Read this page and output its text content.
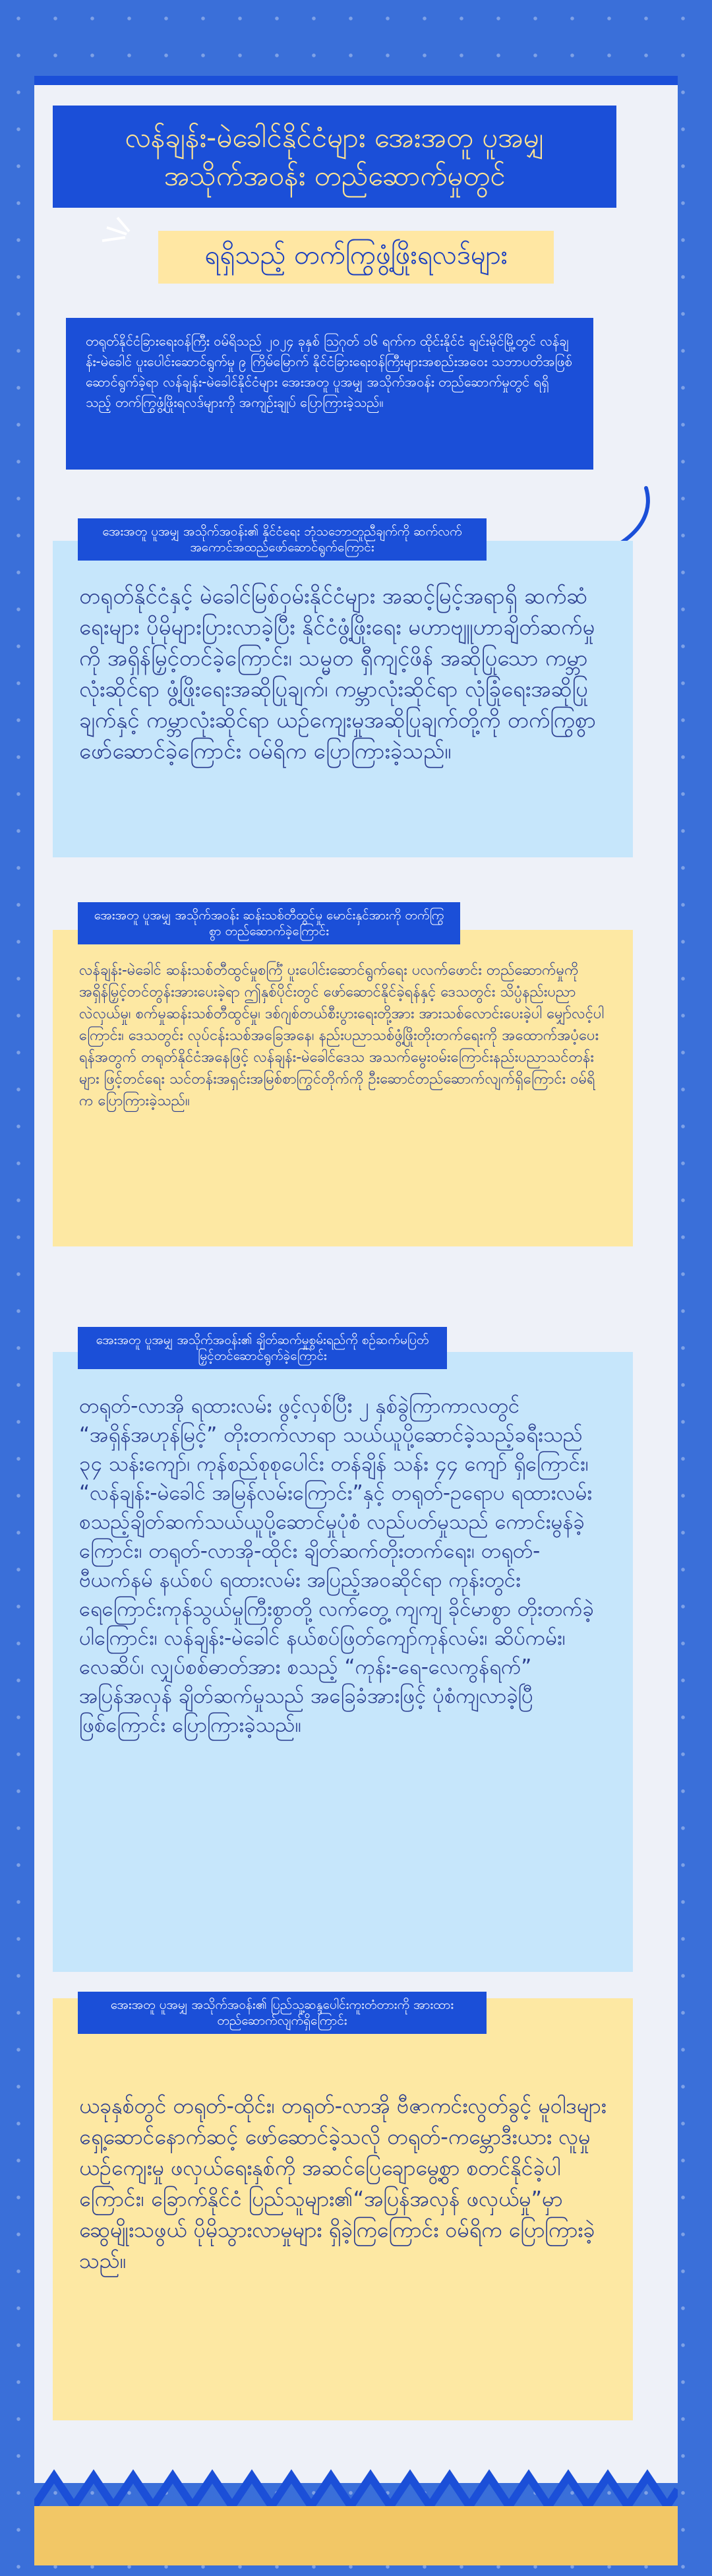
လန်ချန်း-မဲခေါင်နိုင်ငံများ အေးအတူ ပူအမျှ အသိုက်အဝန်း တည်ဆောက်မှုတွင်
ရရှိသည့် တက်ကြွဖွံ့ဖြိုးရလဒ်များ
တရုတ်နိုင်ငံခြားရေးဝန်ကြီး ဝမ်ရိသည် ၂၀၂၄ ခုနှစ် ဩဂုတ် ၁၆ ရက်က ထိုင်းနိုင်ငံ ချင်းမိုင်မြို့တွင် လန်ချန်း-မဲခေါင် ပူးပေါင်းဆောင်ရွက်မှု ၉ ကြိမ်မြောက် နိုင်ငံခြားရေးဝန်ကြီးများအစည်းအဝေး သဘာပတိအဖြစ် ဆောင်ရွက်ခဲ့ရာ လန်ချန်း-မဲခေါင်နိုင်ငံများ အေးအတူ ပူအမျှ အသိုက်အဝန်း တည်ဆောက်မှုတွင် ရရှိသည့် တက်ကြွဖွံ့ဖြိုးရလဒ်များကို အကျဉ်းချုပ် ပြောကြားခဲ့သည်။
တရုတ်နိုင်ငံနှင့် မဲခေါင်မြစ်ဝှမ်းနိုင်ငံများ အဆင့်မြင့်အရာရှိ ဆက်ဆံရေးများ ပိုမိုများပြားလာခဲ့ပြီး နိုင်ငံဖွံ့ဖြိုးရေး မဟာဗျူဟာချိတ်ဆက်မှုကို အရှိန်မြှင့်တင်ခဲ့ကြောင်း၊ သမ္မတ ရှီကျင့်ဖိန် အဆိုပြုသော ကမ္ဘာလုံးဆိုင်ရာ ဖွံ့ဖြိုးရေးအဆိုပြုချက်၊ ကမ္ဘာလုံးဆိုင်ရာ လုံခြုံရေးအဆိုပြုချက်နှင့် ကမ္ဘာလုံးဆိုင်ရာ ယဉ်ကျေးမှုအဆိုပြုချက်တို့ကို တက်ကြွစွာ ဖော်ဆောင်ခဲ့ကြောင်း ဝမ်ရိက ပြောကြားခဲ့သည်။
အေးအတူ ပူအမျှ အသိုက်အဝန်း၏ နိုင်ငံရေး ဘုံသဘောတူညီချက်ကို ဆက်လက် အကောင်အထည်ဖော်ဆောင်ရွက်ကြောင်း
လန်ချန်း-မဲခေါင် ဆန်းသစ်တီထွင်မှုစင်္ကြံ ပူးပေါင်းဆောင်ရွက်ရေး ပလက်ဖောင်း တည်ဆောက်မှုကို အရှိန်မြှင့်တင်တွန်းအားပေးခဲ့ရာ ဤနှစ်ပိုင်းတွင် ဖော်ဆောင်နိုင်ခဲ့ရန်နှင့် ဒေသတွင်း သိပ္ပံနည်းပညာ လဲလှယ်မှု၊ စက်မှုဆန်းသစ်တီထွင်မှု၊ ဒစ်ဂျစ်တယ်စီးပွားရေးတို့အား အားသစ်လောင်းပေးခဲ့ပါ မျှော်လင့်ပါကြောင်း၊ ဒေသတွင်း လုပ်ငန်းသစ်အခြေအနေ၊ နည်းပညာသစ်ဖွံ့ဖြိုးတိုးတက်ရေးကို အထောက်အပံ့ပေးရန်အတွက် တရုတ်နိုင်ငံအနေဖြင့် လန်ချန်း-မဲခေါင်ဒေသ အသက်မွေးဝမ်းကြောင်းနည်းပညာသင်တန်းများ ဖြင့်တင်ရေး သင်တန်းအရှင်းအမြစ်စာကြွင်တိုက်ကို ဦးဆောင်တည်ဆောက်လျက်ရှိကြောင်း ဝမ်ရိက ပြောကြားခဲ့သည်။
အေးအတူ ပူအမျှ အသိုက်အဝန်း ဆန်းသစ်တီထွင်မှု မောင်းနှင်အားကို တက်ကြွစွာ တည်ဆောက်ခဲ့ကြောင်း
တရုတ်-လာအို ရထားလမ်း ဖွင့်လှစ်ပြီး ၂ နှစ်ခွဲကြာကာလတွင် “အရှိန်အဟုန်မြင့်” တိုးတက်လာရာ သယ်ယူပို့ဆောင်ခဲ့သည့်ခရီးသည် ၃၄ သန်းကျော်၊ ကုန်စည်စုစုပေါင်း တန်ချိန် သန်း ၄၄ ကျော် ရှိကြောင်း၊ “လန်ချန်း-မဲခေါင် အမြန်လမ်းကြောင်း”နှင့် တရုတ်-ဥရောပ ရထားလမ်း စသည့်ချိတ်ဆက်သယ်ယူပို့ဆောင်မှုပုံစံ လည်ပတ်မှုသည် ကောင်းမွန်ခဲ့ကြောင်း၊ တရုတ်-လာအို-ထိုင်း ချိတ်ဆက်တိုးတက်ရေး၊ တရုတ်-ဗီယက်နမ် နယ်စပ် ရထားလမ်း အပြည့်အဝဆိုင်ရာ ကုန်းတွင်း ရေကြောင်းကုန်သွယ်မှုကြီးစွာတို့ လက်တွေ့ ကျကျ ခိုင်မာစွာ တိုးတက်ခဲ့ပါကြောင်း၊ လန်ချန်း-မဲခေါင် နယ်စပ်ဖြတ်ကျော်ကုန်လမ်း၊ ဆိပ်ကမ်း၊ လေဆိပ်၊ လျှပ်စစ်ဓာတ်အား စသည့် “ကုန်း-ရေ-လေကွန်ရက်” အပြန်အလှန် ချိတ်ဆက်မှုသည် အခြေခံအားဖြင့် ပုံစံကျလာခဲ့ပြီ ဖြစ်ကြောင်း ပြောကြားခဲ့သည်။
အေးအတူ ပူအမျှ အသိုက်အဝန်း၏ ချိတ်ဆက်မှုစွမ်းရည်ကို စဉ်ဆက်မပြတ် မြှင့်တင်ဆောင်ရွက်ခဲ့ကြောင်း
ယခုနှစ်တွင် တရုတ်-ထိုင်း၊ တရုတ်-လာအို ဗီဇာကင်းလွတ်ခွင့် မူဝါဒများ ရှေ့ဆောင်နောက်ဆင့် ဖော်ဆောင်ခဲ့သလို တရုတ်-ကမ္ဘောဒီးယား လူမှုယဉ်ကျေးမှု ဖလှယ်ရေးနှစ်ကို အဆင်ပြေချောမွေ့စွာ စတင်နိုင်ခဲ့ပါကြောင်း၊ ခြောက်နိုင်ငံ ပြည်သူများ၏“အပြန်အလှန် ဖလှယ်မှု”မှာ ဆွေမျိုးသဖွယ် ပိုမိုသွားလာမှုများ ရှိခဲ့ကြကြောင်း ဝမ်ရိက ပြောကြားခဲ့သည်။
အေးအတူ ပူအမျှ အသိုက်အဝန်း၏ ပြည်သူ့ဆန္ဒပေါင်းကူးတံတားကို အားထားတည်ဆောက်လျက်ရှိကြောင်း
